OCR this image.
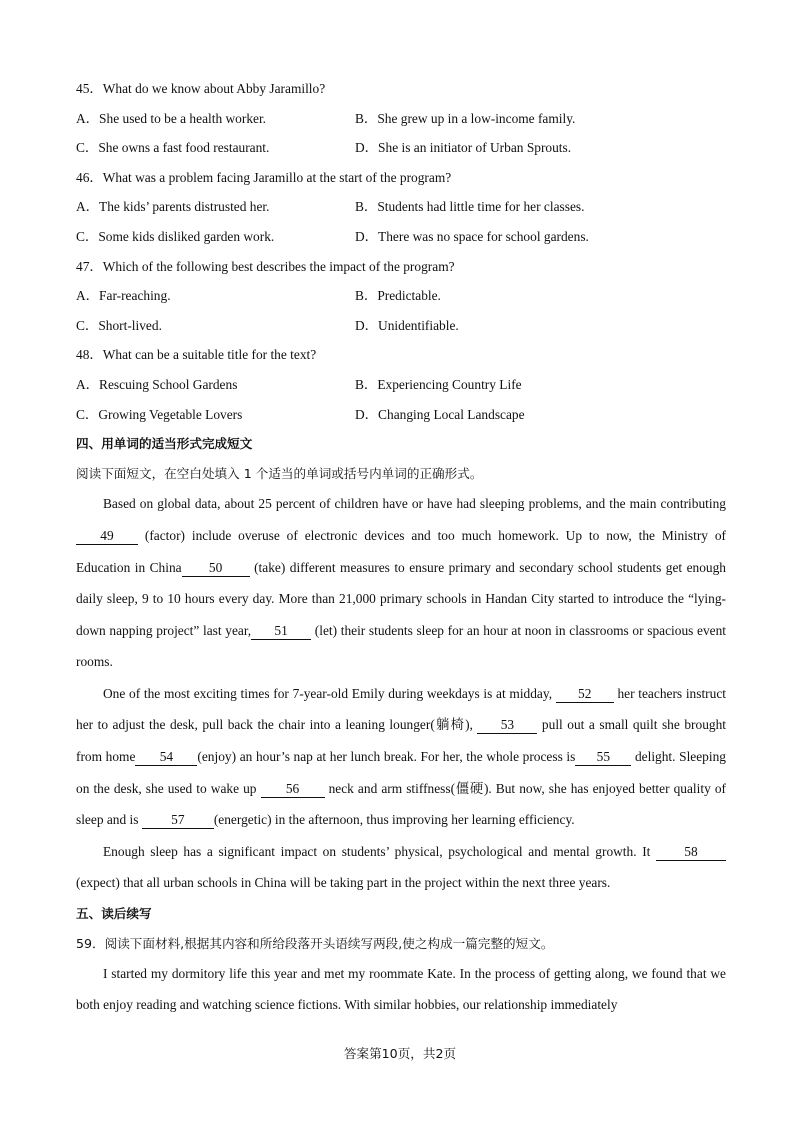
45．What do we know about Abby Jaramillo?
A．She used to be a health worker.	B．She grew up in a low-income family.
C．She owns a fast food restaurant.	D．She is an initiator of Urban Sprouts.
46．What was a problem facing Jaramillo at the start of the program?
A．The kids’ parents distrusted her.	B．Students had little time for her classes.
C．Some kids disliked garden work.	D．There was no space for school gardens.
47．Which of the following best describes the impact of the program?
A．Far-reaching.	B．Predictable.
C．Short-lived.	D．Unidentifiable.
48．What can be a suitable title for the text?
A．Rescuing School Gardens	B．Experiencing Country Life
C．Growing Vegetable Lovers	D．Changing Local Landscape
四、用单词的适当形式完成短文
阅读下面短文，在空白处填入 1 个适当的单词或括号内单词的正确形式。

Based on global data, about 25 percent of children have or have had sleeping problems, and the main contributing 49 (factor) include overuse of electronic devices and too much homework. Up to now, the Ministry of Education in China 50 (take) different measures to ensure primary and secondary school students get enough daily sleep, 9 to 10 hours every day. More than 21,000 primary schools in Handan City started to introduce the “lying-down napping project” last year, 51 (let) their students sleep for an hour at noon in classrooms or spacious event rooms.

One of the most exciting times for 7-year-old Emily during weekdays is at midday, 52 her teachers instruct her to adjust the desk, pull back the chair into a leaning lounger(躺椅), 53 pull out a small quilt she brought from home 54 (enjoy) an hour’s nap at her lunch break. For her, the whole process is 55 delight. Sleeping on the desk, she used to wake up 56 neck and arm stiffness(僵硬). But now, she has enjoyed better quality of sleep and is 57 (energetic) in the afternoon, thus improving her learning efficiency.

Enough sleep has a significant impact on students’ physical, psychological and mental growth. It 58 (expect) that all urban schools in China will be taking part in the project within the next three years.

五、读后续写
59．阅读下面材料,根据其内容和所给段落开头语续写两段,使之构成一篇完整的短文。

I started my dormitory life this year and met my roommate Kate. In the process of getting along, we found that we both enjoy reading and watching science fictions. With similar hobbies, our relationship immediately

答案第10页，共2页
